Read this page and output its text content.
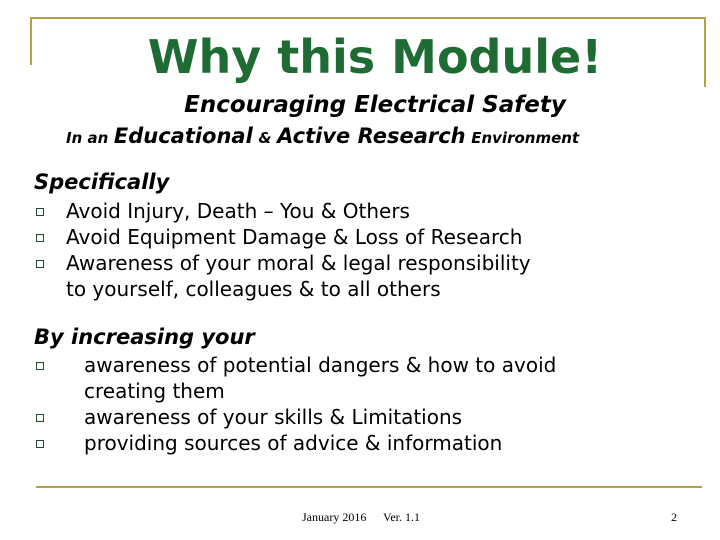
Why this Module!
Encouraging Electrical Safety
In an Educational & Active Research Environment
Specifically
Avoid Injury, Death – You & Others
Avoid Equipment Damage & Loss of Research
Awareness of your moral & legal responsibility
to yourself, colleagues & to all others
By increasing your
awareness of potential dangers & how to avoid
creating them
awareness of your skills & Limitations
providing sources of advice & information
January 2016 Ver. 1.1	2
